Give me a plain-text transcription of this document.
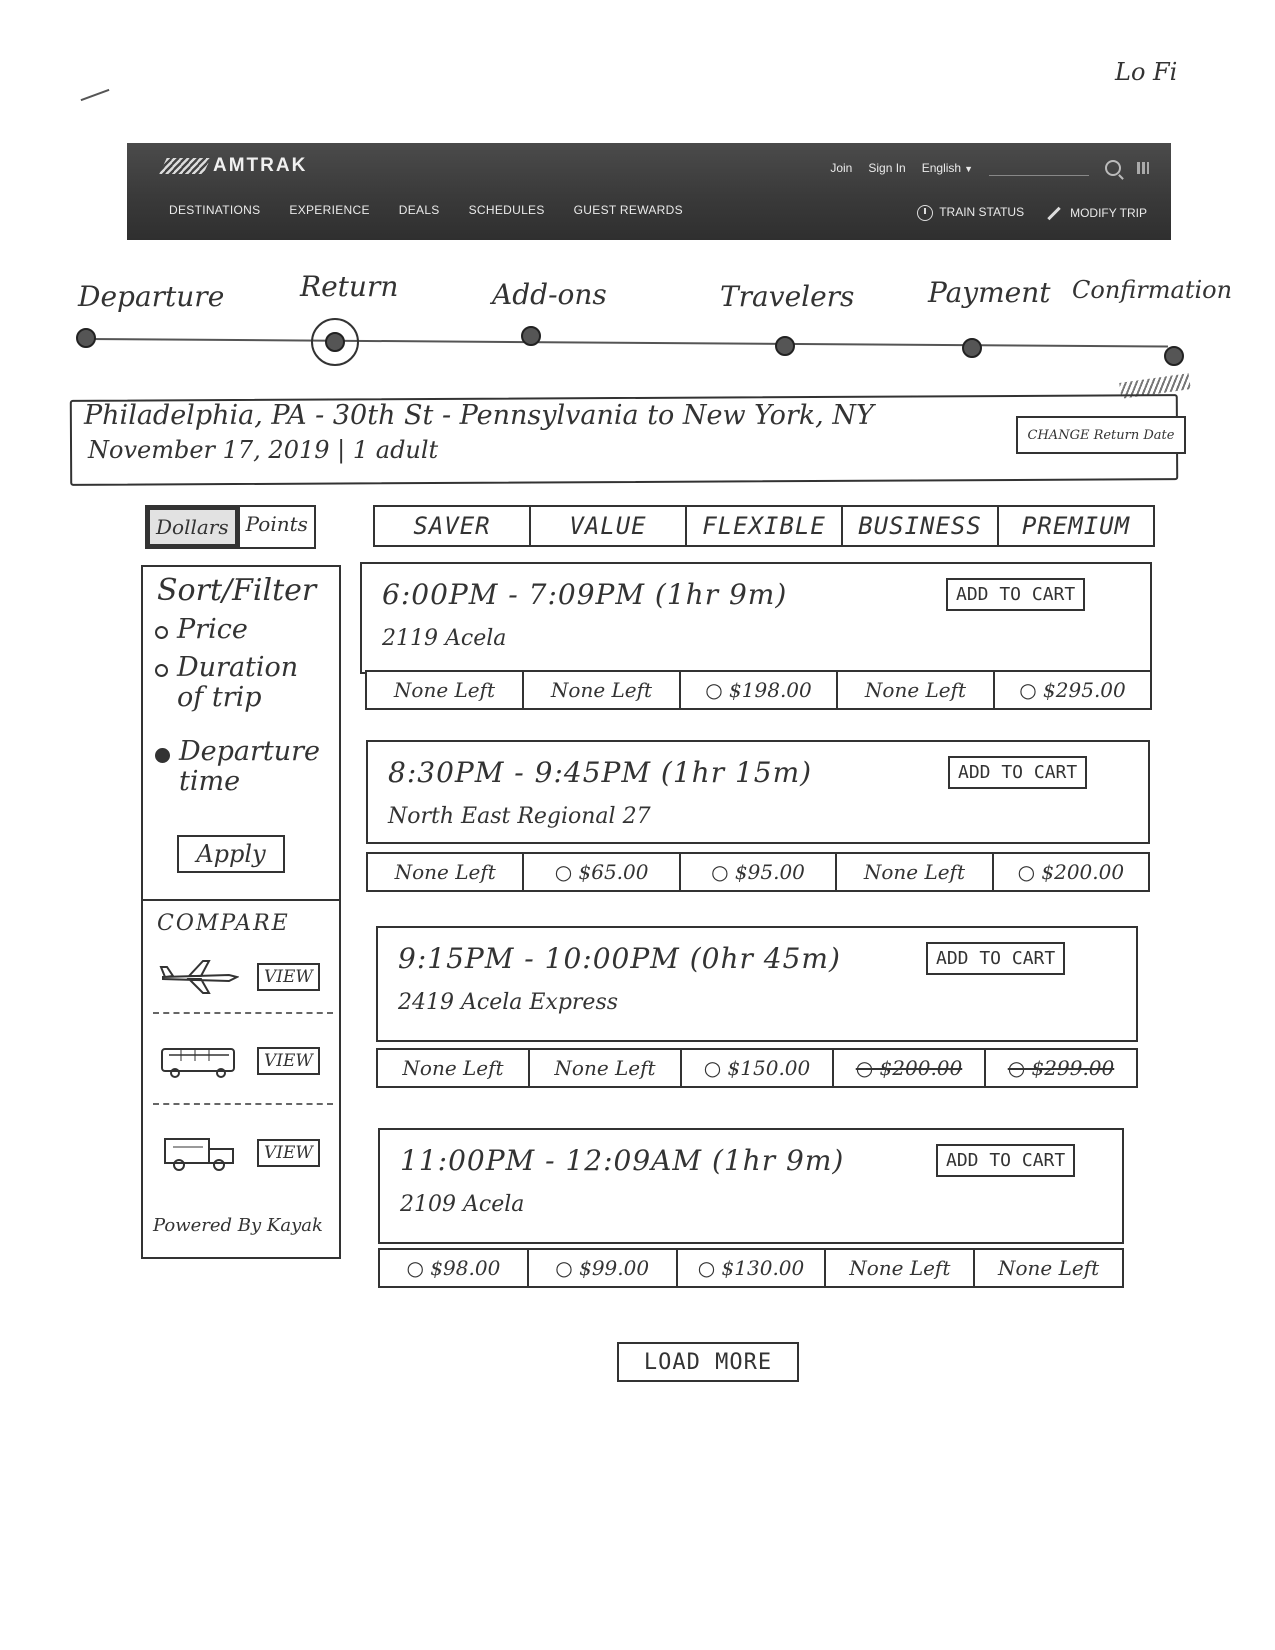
Lo Fi
AMTRAK	Join Sign In English ▼
DESTINATIONS EXPERIENCE DEALS SCHEDULES GUEST REWARDS	TRAIN STATUS	MODIFY TRIP
Departure	Return	Add-ons	Travelers	Payment Confirmation
Philadelphia, PA - 30th St - Pennsylvania to New York, NY
November 17, 2019 | 1 adult
CHANGE Return Date
Dollars Points	SAVER	VALUE	FLEXIBLE	BUSINESS	PREMIUM
Sort/Filter
Price
Duration of trip
Departure time
Apply
COMPARE
VIEW
VIEW
VIEW
Powered By Kayak
6:00PM - 7:09PM (1hr 9m)
2119 Acela
ADD TO CART
None Left	None Left	○ $198.00	None Left	○ $295.00
8:30PM - 9:45PM (1hr 15m)
North East Regional 27
ADD TO CART
None Left	○ $65.00	○ $95.00	None Left	○ $200.00
9:15PM - 10:00PM (0hr 45m)
2419 Acela Express
ADD TO CART
None Left	None Left	○ $150.00	○ $200.00	○ $299.00
11:00PM - 12:09AM (1hr 9m)
2109 Acela
ADD TO CART
○ $98.00	○ $99.00	○ $130.00	None Left	None Left
LOAD MORE
